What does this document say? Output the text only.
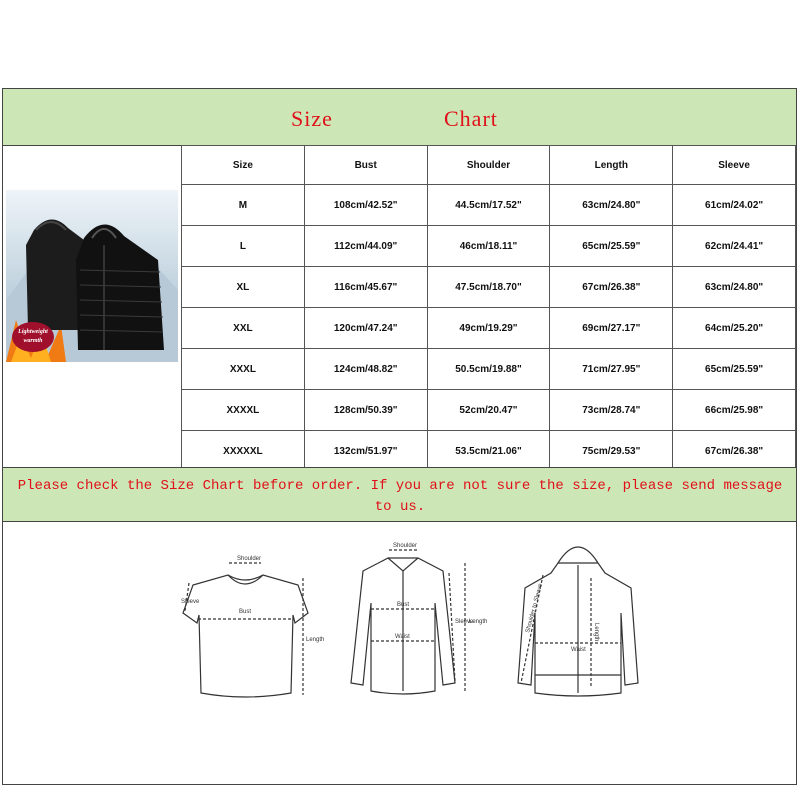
Size	Chart
Lightweight
warmth
Size	Bust	Shoulder	Length	Sleeve
M	108cm/42.52"	44.5cm/17.52"	63cm/24.80"	61cm/24.02"
L	112cm/44.09"	46cm/18.11"	65cm/25.59"	62cm/24.41"
XL	116cm/45.67"	47.5cm/18.70"	67cm/26.38"	63cm/24.80"
XXL	120cm/47.24"	49cm/19.29"	69cm/27.17"	64cm/25.20"
XXXL	124cm/48.82"	50.5cm/19.88"	71cm/27.95"	65cm/25.59"
XXXXL	128cm/50.39"	52cm/20.47"	73cm/28.74"	66cm/25.98"
XXXXXL	132cm/51.97"	53.5cm/21.06"	75cm/29.53"	67cm/26.38"
Please check the Size Chart before order. If you are not sure the size, please send message to us.
Shoulder
Sleeve
Bust
Length
Shoulder
Bust
Waist
Sleeve
Length	Shoulder to Sleeve	Length
Waist
